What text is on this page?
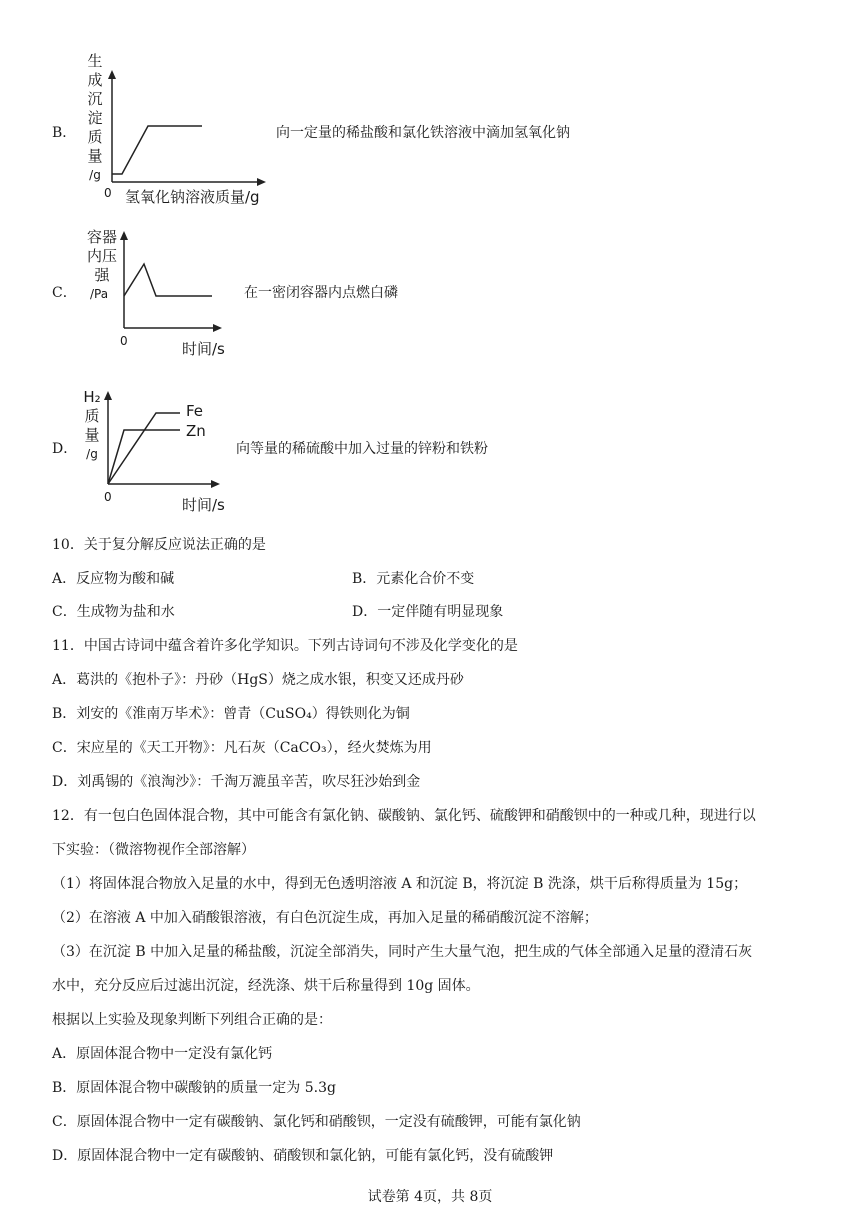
B．
生
成
沉
淀
质
量
/g
0 氢氧化钠溶液质量/g
向一定量的稀盐酸和氯化铁溶液中滴加氢氧化钠
C．
容器
内压
强
/Pa
0	时间/s
在一密闭容器内点燃白磷
D．
H₂
质
量
/g
Fe
Zn
0	时间/s
向等量的稀硫酸中加入过量的锌粉和铁粉
10．关于复分解反应说法正确的是
A．反应物为酸和碱	B．元素化合价不变
C．生成物为盐和水	D．一定伴随有明显现象
11．中国古诗词中蕴含着许多化学知识。下列古诗词句不涉及化学变化的是
A．葛洪的《抱朴子》：丹砂（HgS）烧之成水银，积变又还成丹砂
B．刘安的《淮南万毕术》：曾青（CuSO₄）得铁则化为铜
C．宋应星的《天工开物》：凡石灰（CaCO₃），经火焚炼为用
D．刘禹锡的《浪淘沙》：千淘万漉虽辛苦，吹尽狂沙始到金
12．有一包白色固体混合物，其中可能含有氯化钠、碳酸钠、氯化钙、硫酸钾和硝酸钡中的一种或几种，现进行以
下实验：（微溶物视作全部溶解）
（1）将固体混合物放入足量的水中，得到无色透明溶液 A 和沉淀 B，将沉淀 B 洗涤，烘干后称得质量为 15g；
（2）在溶液 A 中加入硝酸银溶液，有白色沉淀生成，再加入足量的稀硝酸沉淀不溶解；
（3）在沉淀 B 中加入足量的稀盐酸，沉淀全部消失，同时产生大量气泡，把生成的气体全部通入足量的澄清石灰
水中，充分反应后过滤出沉淀，经洗涤、烘干后称量得到 10g 固体。
根据以上实验及现象判断下列组合正确的是：
A．原固体混合物中一定没有氯化钙
B．原固体混合物中碳酸钠的质量一定为 5.3g
C．原固体混合物中一定有碳酸钠、氯化钙和硝酸钡，一定没有硫酸钾，可能有氯化钠
D．原固体混合物中一定有碳酸钠、硝酸钡和氯化钠，可能有氯化钙，没有硫酸钾
试卷第 4页，共 8页
